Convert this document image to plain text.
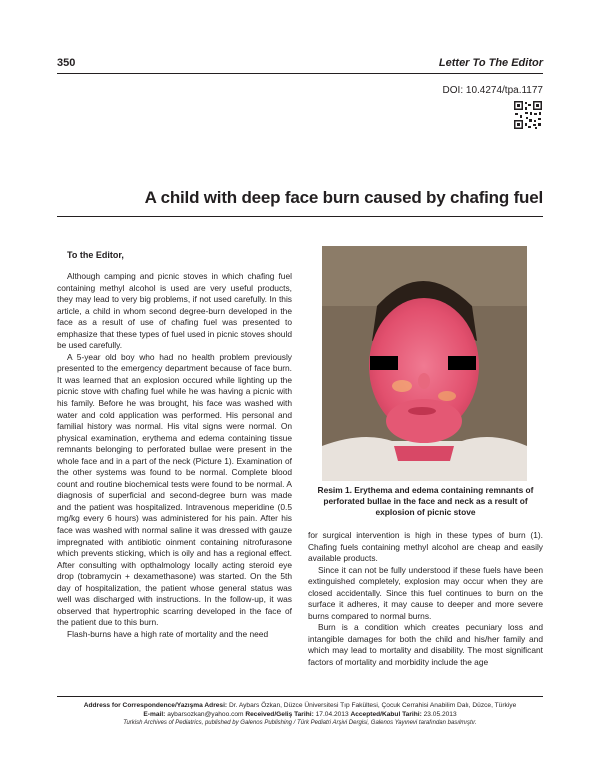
350	Letter To The Editor
DOI: 10.4274/tpa.1177
A child with deep face burn caused by chafing fuel
To the Editor,

Although camping and picnic stoves in which chafing fuel containing methyl alcohol is used are very useful products, they may lead to very big problems, if not used carefully. In this article, a child in whom second degree-burn developed in the face as a result of use of chafing fuel was presented to emphasize that these types of fuel used in picnic stoves should be used carefully.

A 5-year old boy who had no health problem previously presented to the emergency department because of face burn. It was learned that an explosion occured while lighting up the picnic stove with chafing fuel while he was having a picnic with his family. Before he was brought, his face was washed with water and cold application was performed. His personal and familial history was normal. His vital signs were normal. On physical examination, erythema and edema containing tissue remnants belonging to perforated bullae were present in the whole face and in a part of the neck (Picture 1). Examination of the other systems was found to be normal. Complete blood count and routine biochemical tests were found to be normal. A diagnosis of superficial and second-degree burn was made and the patient was hospitalized. Intravenous meperidine (0.5 mg/kg every 6 hours) was administered for his pain. After his face was washed with normal saline it was dressed with gauze impregnated with antibiotic oinment containing nitrofurasone which prevents sticking, which is oily and has a regional effect. After consulting with opthalmology locally acting steroid eye drop (tobramycin + dexamethasone) was started. On the 5th day of hospitalization, the patient whose general status was well was discharged with instructions. In the follow-up, it was observed that hypertrophic scarring developed in the face of the patient due to this burn.

Flash-burns have a high rate of mortality and the need

Resim 1. Erythema and edema containing remnants of perforated bullae in the face and neck as a result of explosion of picnic stove

for surgical intervention is high in these types of burn (1). Chafing fuels containing methyl alcohol are cheap and easily available products.

Since it can not be fully understood if these fuels have been extinguished completely, explosion may occur when they are closed accidentally. Since this fuel continues to burn on the surface it adheres, it may cause to deeper and more severe burns compared to normal burns.

Burn is a condition which creates pecuniary loss and intangible damages for both the child and his/her family and which may lead to mortality and disability. The most significant factors of mortality and morbidity include the age

Address for Correspondence/Yazışma Adresi: Dr. Aybars Özkan, Düzce Üniversitesi Tıp Fakültesi, Çocuk Cerrahisi Anabilim Dalı, Düzce, Türkiye
E-mail: aybarsozkan@yahoo.com Received/Geliş Tarihi: 17.04.2013 Accepted/Kabul Tarihi: 23.05.2013
Turkish Archives of Pediatrics, published by Galenos Publishing / Türk Pediatri Arşivi Dergisi, Galenos Yayınevi tarafından basılmıştır.
